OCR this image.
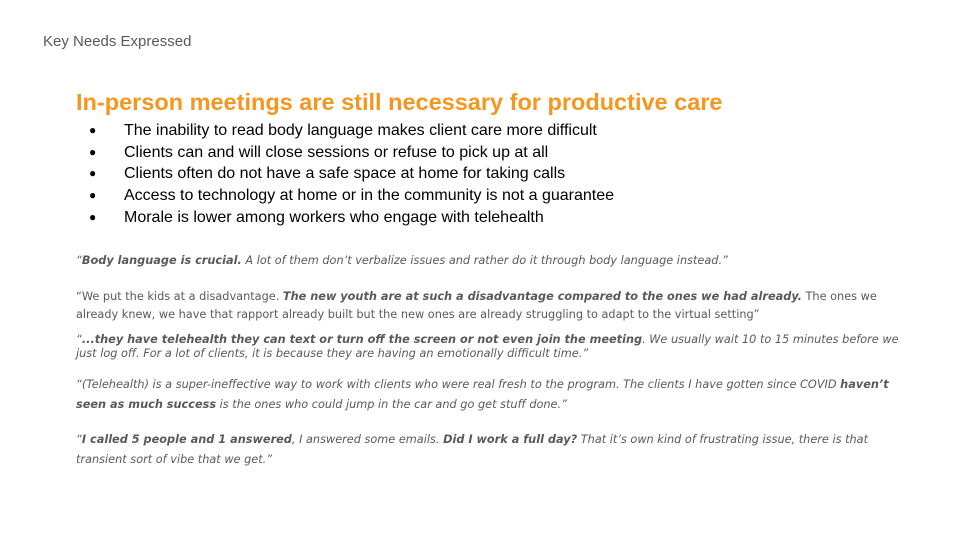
Key Needs Expressed
In-person meetings are still necessary for productive care
● The inability to read body language makes client care more difficult
● Clients can and will close sessions or refuse to pick up at all
● Clients often do not have a safe space at home for taking calls
● Access to technology at home or in the community is not a guarantee
● Morale is lower among workers who engage with telehealth

“Body language is crucial. A lot of them don’t verbalize issues and rather do it through body language instead.”

“We put the kids at a disadvantage. The new youth are at such a disadvantage compared to the ones we had already. The ones we already knew, we have that rapport already built but the new ones are already struggling to adapt to the virtual setting”

“...they have telehealth they can text or turn off the screen or not even join the meeting. We usually wait 10 to 15 minutes before we just log off. For a lot of clients, it is because they are having an emotionally difficult time.”

“(Telehealth) is a super-ineffective way to work with clients who were real fresh to the program. The clients I have gotten since COVID haven’t seen as much success is the ones who could jump in the car and go get stuff done.”

“I called 5 people and 1 answered, I answered some emails. Did I work a full day? That it’s own kind of frustrating issue, there is that transient sort of vibe that we get.”
